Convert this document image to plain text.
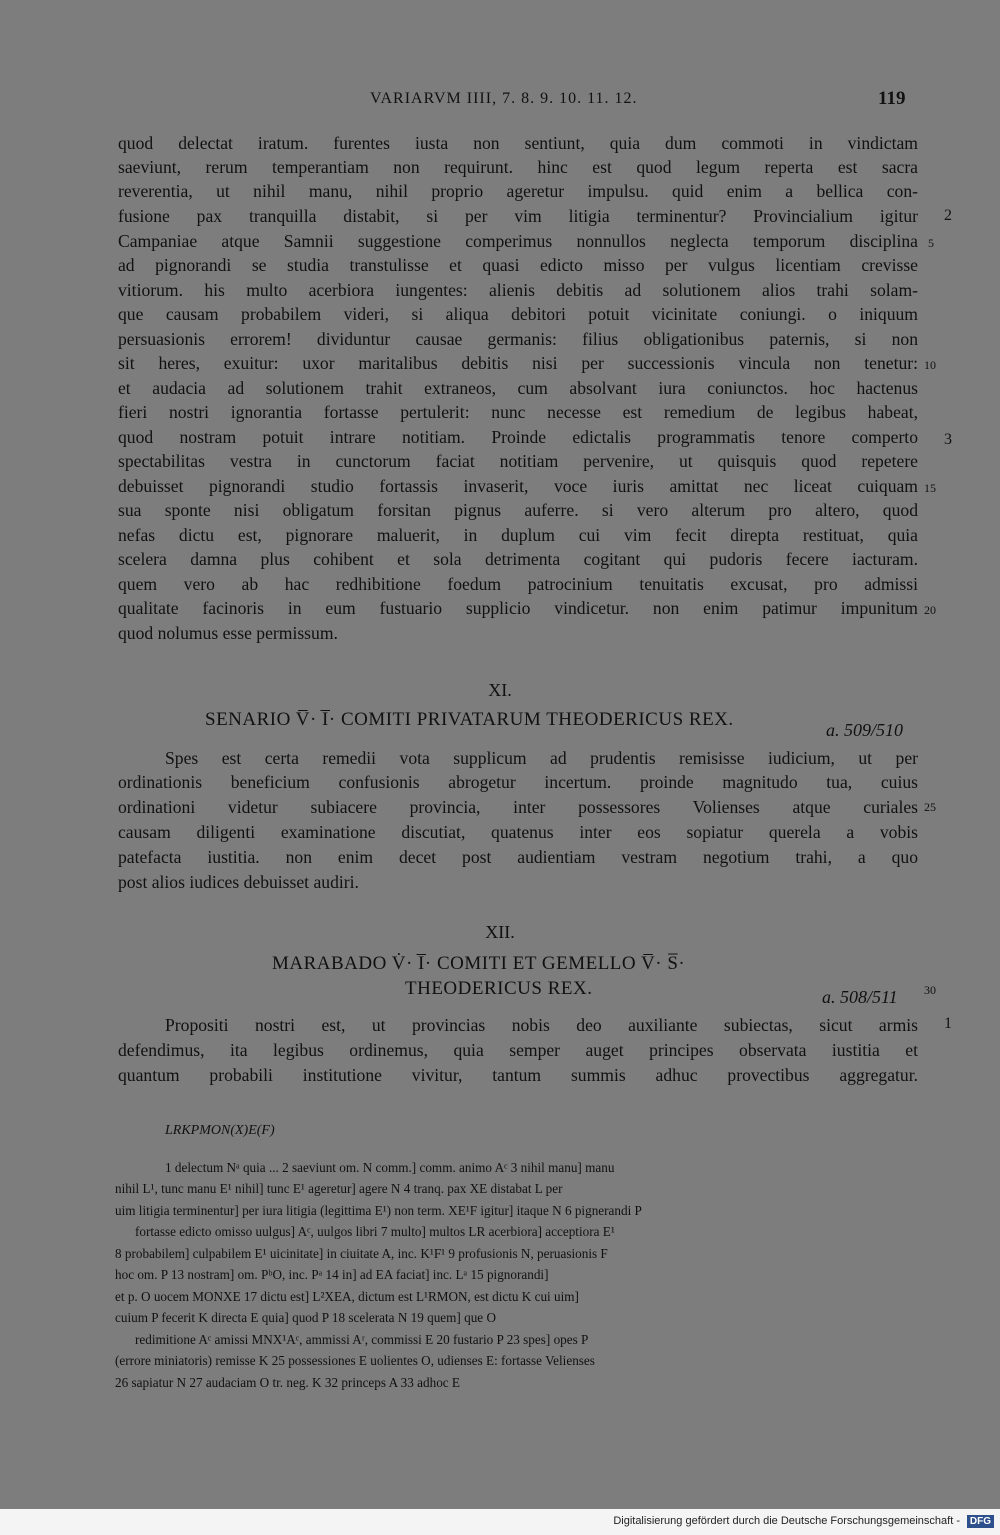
VARIARVM IIII, 7. 8. 9. 10. 11. 12.	119
quod delectat iratum. furentes iusta non sentiunt, quia dum commoti in vindictam
saeviunt, rerum temperantiam non requirunt. hinc est quod legum reperta est sacra
reverentia, ut nihil manu, nihil proprio ageretur impulsu. quid enim a bellica con-
fusione pax tranquilla distabit, si per vim litigia terminentur? Provincialium igitur
Campaniae atque Samnii suggestione comperimus nonnullos neglecta temporum disciplina
ad pignorandi se studia transtulisse et quasi edicto misso per vulgus licentiam crevisse
vitiorum. his multo acerbiora iungentes: alienis debitis ad solutionem alios trahi solam-
que causam probabilem videri, si aliqua debitori potuit vicinitate coniungi. o iniquum
persuasionis errorem! dividuntur causae germanis: filius obligationibus paternis, si non
sit heres, exuitur: uxor maritalibus debitis nisi per successionis vincula non tenetur:
et audacia ad solutionem trahit extraneos, cum absolvant iura coniunctos. hoc hactenus
fieri nostri ignorantia fortasse pertulerit: nunc necesse est remedium de legibus habeat,
quod nostram potuit intrare notitiam. Proinde edictalis programmatis tenore comperto
spectabilitas vestra in cunctorum faciat notitiam pervenire, ut quisquis quod repetere
debuisset pignorandi studio fortassis invaserit, voce iuris amittat nec liceat cuiquam
sua sponte nisi obligatum forsitan pignus auferre. si vero alterum pro altero, quod
nefas dictu est, pignorare maluerit, in duplum cui vim fecit direpta restituat, quia
scelera damna plus cohibent et sola detrimenta cogitant qui pudoris fecere iacturam.
quem vero ab hac redhibitione foedum patrocinium tenuitatis excusat, pro admissi
qualitate facinoris in eum fustuario supplicio vindicetur. non enim patimur impunitum
quod nolumus esse permissum.
2
5
10
3
15
20
XI.
SENARIO V̅· I̅· COMITI PRIVATARUM THEODERICUS REX.	a. 509/510
Spes est certa remedii vota supplicum ad prudentis remisisse iudicium, ut per
ordinationis beneficium confusionis abrogetur incertum. proinde magnitudo tua, cuius
ordinationi videtur subiacere provincia, inter possessores Volienses atque curiales
causam diligenti examinatione discutiat, quatenus inter eos sopiatur querela a vobis
patefacta iustitia. non enim decet post audientiam vestram negotium trahi, a quo
post alios iudices debuisset audiri.
25
XII.
MARABADO V̇· I̅· COMITI ET GEMELLO V̅· S̅·
THEODERICUS REX.	a. 508/511 30
Propositi nostri est, ut provincias nobis deo auxiliante subiectas, sicut armis
defendimus, ita legibus ordinemus, quia semper auget principes observata iustitia et
quantum probabili institutione vivitur, tantum summis adhuc provectibus aggregatur.
1
LRKPMON(X)E(F)
1 delectum Nᵃ quia ... 2 saeviunt om. N comm.] comm. animo Aᶜ 3 nihil manu] manu
nihil L¹, tunc manu E¹ nihil] tunc E¹ ageretur] agere N 4 tranq. pax XE distabat L per
uim litigia terminentur] per iura litigia (legittima E¹) non term. XE¹F igitur] itaque N 6 pignerandi P
fortasse edicto omisso uulgus] Aᶜ, uulgos libri 7 multo] multos LR acerbiora] acceptiora E¹
8 probabilem] culpabilem E¹ uicinitate] in ciuitate A, inc. K¹F¹ 9 profusionis N, peruasionis F
hoc om. P 13 nostram] om. PᵇO, inc. Pᵃ 14 in] ad EA faciat] inc. Lᵃ 15 pignorandi]
et p. O uocem MONXE 17 dictu est] L²XEA, dictum est L¹RMON, est dictu K cui uim]
cuium P fecerit K directa E quia] quod P 18 scelerata N 19 quem] que O
redimitione Aᶜ amissi MNX¹Aᶜ, ammissi Aʳ, commissi E 20 fustario P 23 spes] opes P
(errore miniatoris) remisse K 25 possessiones E uolientes O, udienses E: fortasse Velienses
26 sapiatur N 27 audaciam O tr. neg. K 32 princeps A 33 adhoc E
Digitalisierung gefördert durch die Deutsche Forschungsgemeinschaft - DFG
